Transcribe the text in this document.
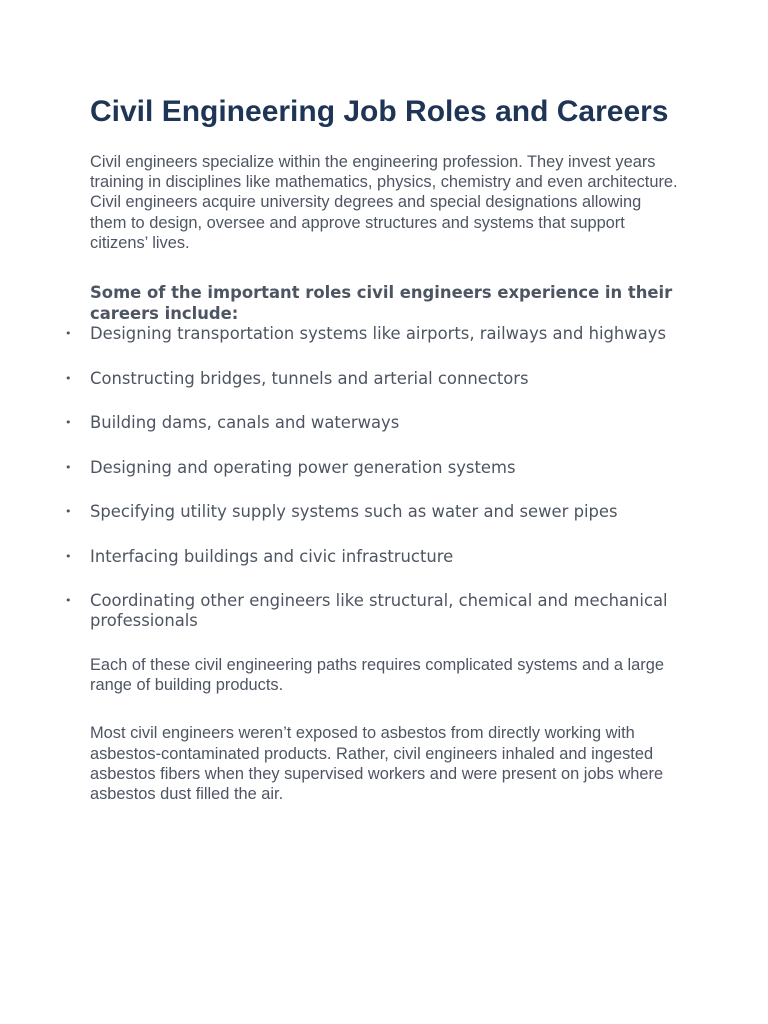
Civil Engineering Job Roles and Careers

Civil engineers specialize within the engineering profession. They invest years training in disciplines like mathematics, physics, chemistry and even architecture. Civil engineers acquire university degrees and special designations allowing them to design, oversee and approve structures and systems that support citizens’ lives.

Some of the important roles civil engineers experience in their careers include:

• Designing transportation systems like airports, railways and highways
• Constructing bridges, tunnels and arterial connectors
• Building dams, canals and waterways
• Designing and operating power generation systems
• Specifying utility supply systems such as water and sewer pipes
• Interfacing buildings and civic infrastructure
• Coordinating other engineers like structural, chemical and mechanical professionals

Each of these civil engineering paths requires complicated systems and a large range of building products.

Most civil engineers weren’t exposed to asbestos from directly working with asbestos-contaminated products. Rather, civil engineers inhaled and ingested asbestos fibers when they supervised workers and were present on jobs where asbestos dust filled the air.
